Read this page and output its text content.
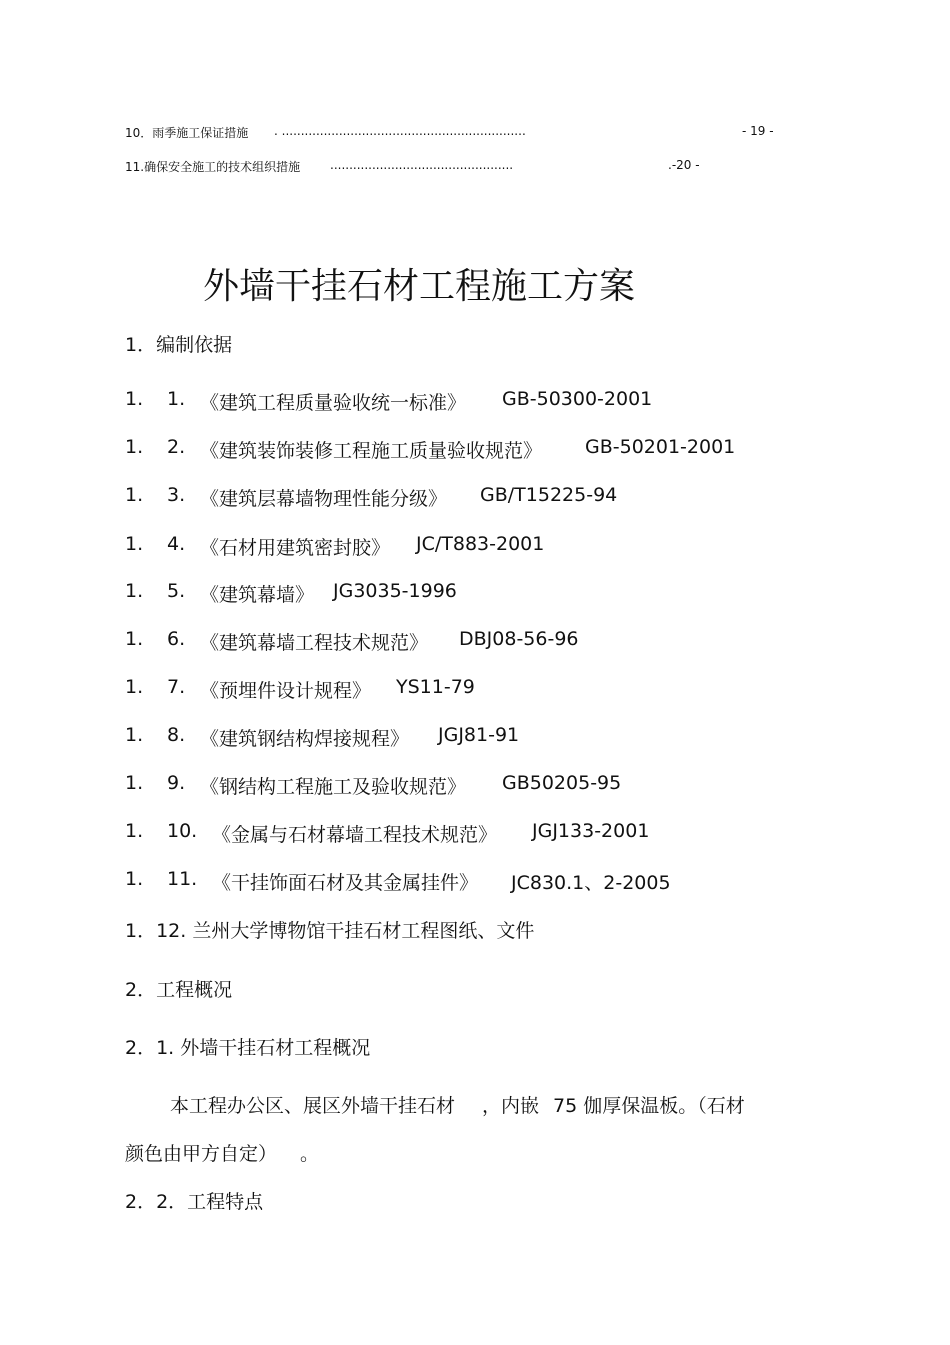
10．雨季施工保证措施 . ................................................................	- 19 -
11.确保安全施工的技术组织措施 ................................................	.-20 -
外墙干挂石材工程施工方案
1．编制依据
1. 1. 《建筑工程质量验收统一标准》 GB-50300-2001
1. 2. 《建筑装饰装修工程施工质量验收规范》 GB-50201-2001
1. 3. 《建筑层幕墙物理性能分级》 GB/T15225-94
1. 4. 《石材用建筑密封胶》 JC/T883-2001
1. 5. 《建筑幕墙》 JG3035-1996
1. 6. 《建筑幕墙工程技术规范》 DBJ08-56-96
1. 7. 《预埋件设计规程》 YS11-79
1. 8. 《建筑钢结构焊接规程》 JGJ81-91
1. 9. 《钢结构工程施工及验收规范》 GB50205-95
1. 10. 《金属与石材幕墙工程技术规范》 JGJ133-2001
1. 11. 《干挂饰面石材及其金属挂件》 JC830.1、2-2005
1．12. 兰州大学博物馆干挂石材工程图纸、文件
2．工程概况
2．1. 外墙干挂石材工程概况
本工程办公区、展区外墙干挂石材 ，内嵌 75 伽厚保温板。（石材
颜色由甲方自定） 。
2．2．工程特点
